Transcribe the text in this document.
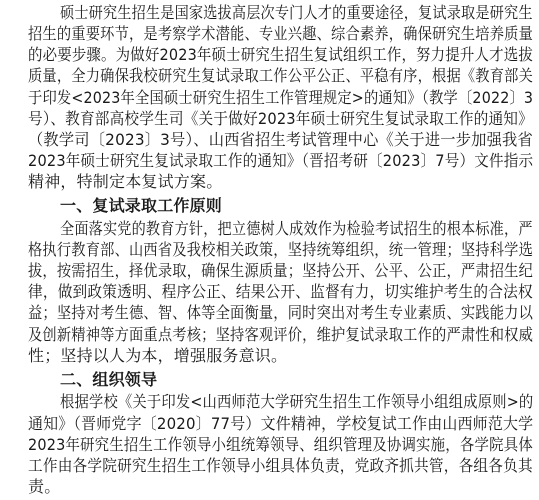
硕士研究生招生是国家选拔高层次专门人才的重要途径，复试录取是研究生
招生的重要环节，是考察学术潜能、专业兴趣、综合素养，确保研究生培养质量
的必要步骤。为做好2023年硕士研究生招生复试组织工作，努力提升人才选拔
质量，全力确保我校研究生复试录取工作公平公正、平稳有序，根据《教育部关
于印发<2023年全国硕士研究生招生工作管理规定>的通知》（教学〔2022〕3
号）、教育部高校学生司《关于做好2023年硕士研究生复试录取工作的通知》
（教学司〔2023〕3号）、山西省招生考试管理中心《关于进一步加强我省
2023年硕士研究生复试录取工作的通知》（晋招考研〔2023〕7号）文件指示
精神，特制定本复试方案。
一、复试录取工作原则
全面落实党的教育方针，把立德树人成效作为检验考试招生的根本标准，严
格执行教育部、山西省及我校相关政策，坚持统筹组织，统一管理；坚持科学选
拔，按需招生，择优录取，确保生源质量；坚持公开、公平、公正，严肃招生纪
律，做到政策透明、程序公正、结果公开、监督有力，切实维护考生的合法权
益；坚持对考生德、智、体等全面衡量，同时突出对考生专业素质、实践能力以
及创新精神等方面重点考核；坚持客观评价，维护复试录取工作的严肃性和权威
性；坚持以人为本，增强服务意识。
二、组织领导
根据学校《关于印发<山西师范大学研究生招生工作领导小组组成原则>的
通知》（晋师党字〔2020〕77号）文件精神，学校复试工作由山西师范大学
2023年研究生招生工作领导小组统筹领导、组织管理及协调实施，各学院具体
工作由各学院研究生招生工作领导小组具体负责，党政齐抓共管，各组各负其
责。
